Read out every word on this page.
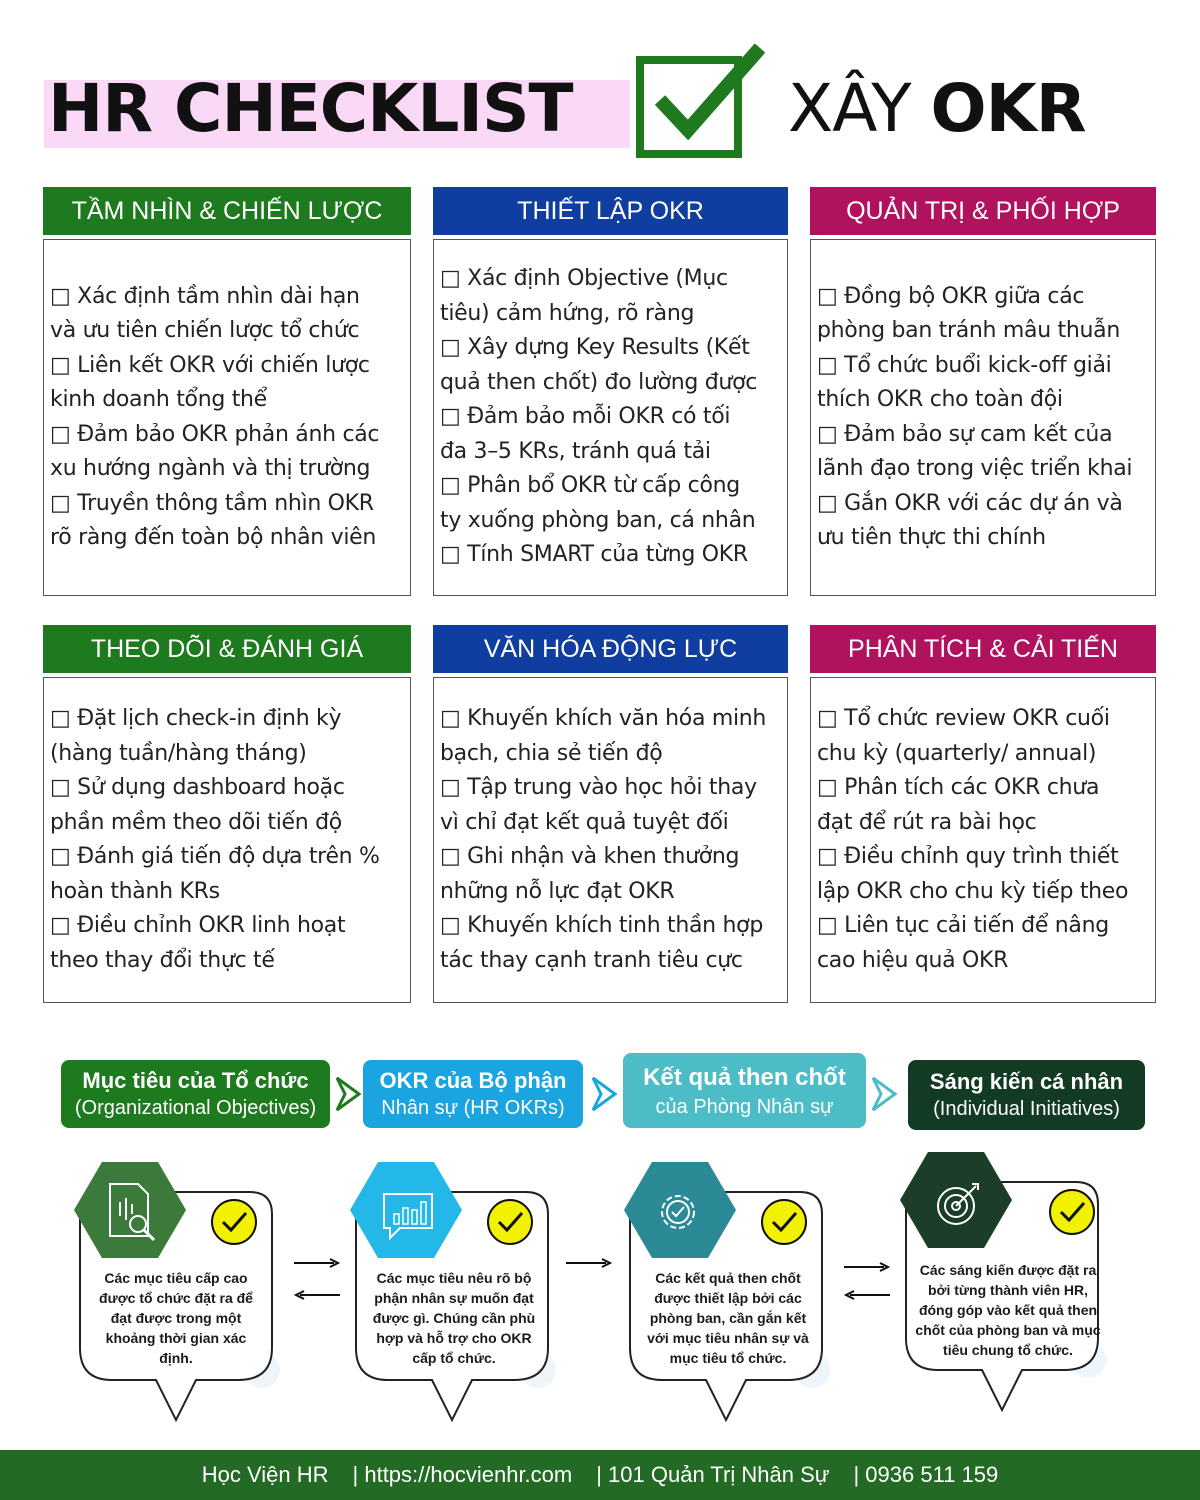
HR CHECKLIST	XÂY OKR
TẦM NHÌN & CHIẾN LƯỢC
□ Xác định tầm nhìn dài hạn
và ưu tiên chiến lược tổ chức
□ Liên kết OKR với chiến lược
kinh doanh tổng thể
□ Đảm bảo OKR phản ánh các
xu hướng ngành và thị trường
□ Truyền thông tầm nhìn OKR
rõ ràng đến toàn bộ nhân viên
THIẾT LẬP OKR
□ Xác định Objective (Mục
tiêu) cảm hứng, rõ ràng
□ Xây dựng Key Results (Kết
quả then chốt) đo lường được
□ Đảm bảo mỗi OKR có tối
đa 3–5 KRs, tránh quá tải
□ Phân bổ OKR từ cấp công
ty xuống phòng ban, cá nhân
□ Tính SMART của từng OKR
QUẢN TRỊ & PHỐI HỢP
□ Đồng bộ OKR giữa các
phòng ban tránh mâu thuẫn
□ Tổ chức buổi kick-off giải
thích OKR cho toàn đội
□ Đảm bảo sự cam kết của
lãnh đạo trong việc triển khai
□ Gắn OKR với các dự án và
ưu tiên thực thi chính
THEO DÕI & ĐÁNH GIÁ
□ Đặt lịch check-in định kỳ
(hàng tuần/hàng tháng)
□ Sử dụng dashboard hoặc
phần mềm theo dõi tiến độ
□ Đánh giá tiến độ dựa trên %
hoàn thành KRs
□ Điều chỉnh OKR linh hoạt
theo thay đổi thực tế
VĂN HÓA ĐỘNG LỰC
□ Khuyến khích văn hóa minh
bạch, chia sẻ tiến độ
□ Tập trung vào học hỏi thay
vì chỉ đạt kết quả tuyệt đối
□ Ghi nhận và khen thưởng
những nỗ lực đạt OKR
□ Khuyến khích tinh thần hợp
tác thay cạnh tranh tiêu cực
PHÂN TÍCH & CẢI TIẾN
□ Tổ chức review OKR cuối
chu kỳ (quarterly/ annual)
□ Phân tích các OKR chưa
đạt để rút ra bài học
□ Điều chỉnh quy trình thiết
lập OKR cho chu kỳ tiếp theo
□ Liên tục cải tiến để nâng
cao hiệu quả OKR
Mục tiêu của Tổ chức
(Organizational Objectives)
OKR của Bộ phận
Nhân sự (HR OKRs)
Kết quả then chốt
của Phòng Nhân sự
Sáng kiến cá nhân
(Individual Initiatives)
Các mục tiêu cấp cao được tổ chức đặt ra để đạt được trong một khoảng thời gian xác định.
Các mục tiêu nêu rõ bộ phận nhân sự muốn đạt được gì. Chúng cần phù hợp và hỗ trợ cho OKR cấp tổ chức.
Các kết quả then chốt được thiết lập bởi các phòng ban, cần gắn kết với mục tiêu nhân sự và mục tiêu tổ chức.
Các sáng kiến được đặt ra bởi từng thành viên HR, đóng góp vào kết quả then chốt của phòng ban và mục tiêu chung tổ chức.
Học Viện HR | https://hocvienhr.com | 101 Quản Trị Nhân Sự | 0936 511 159
